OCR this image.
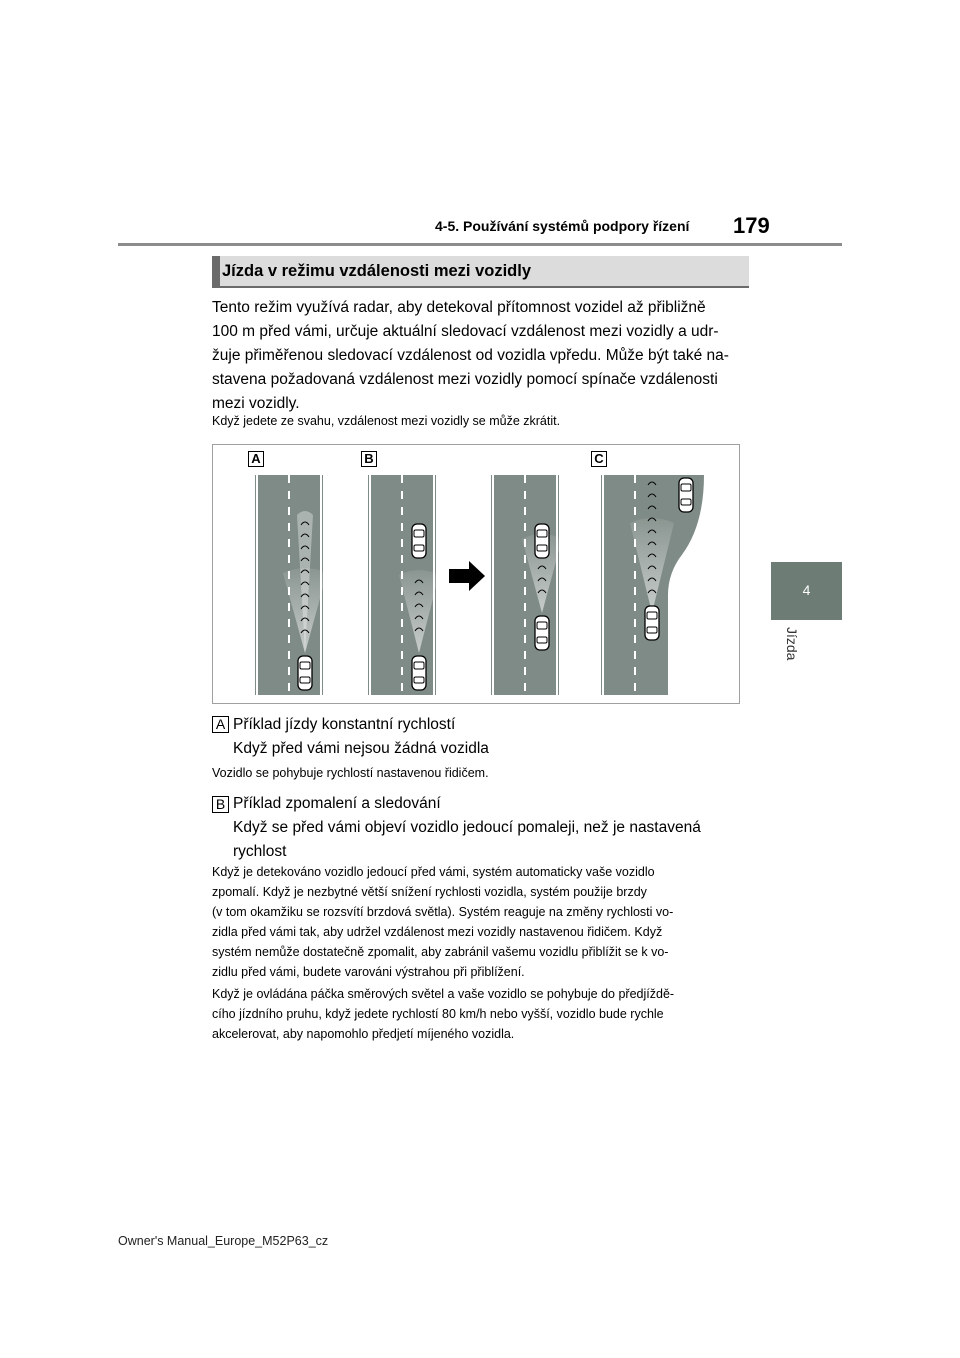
4-5. Používání systémů podpory řízení 179
4
Jízda
Jízda v režimu vzdálenosti mezi vozidly
Tento režim využívá radar, aby detekoval přítomnost vozidel až přibližně
100 m před vámi, určuje aktuální sledovací vzdálenost mezi vozidly a udr-
žuje přiměřenou sledovací vzdálenost od vozidla vpředu. Může být také na-
stavena požadovaná vzdálenost mezi vozidly pomocí spínače vzdálenosti
mezi vozidly.
Když jedete ze svahu, vzdálenost mezi vozidly se může zkrátit.
A	B	C
A Příklad jízdy konstantní rychlostí
Když před vámi nejsou žádná vozidla
Vozidlo se pohybuje rychlostí nastavenou řidičem.
B Příklad zpomalení a sledování
Když se před vámi objeví vozidlo jedoucí pomaleji, než je nastavená
rychlost
Když je detekováno vozidlo jedoucí před vámi, systém automaticky vaše vozidlo
zpomalí. Když je nezbytné větší snížení rychlosti vozidla, systém použije brzdy
(v tom okamžiku se rozsvítí brzdová světla). Systém reaguje na změny rychlosti vo-
zidla před vámi tak, aby udržel vzdálenost mezi vozidly nastavenou řidičem. Když
systém nemůže dostatečně zpomalit, aby zabránil vašemu vozidlu přiblížit se k vo-
zidlu před vámi, budete varováni výstrahou při přiblížení.
Když je ovládána páčka směrových světel a vaše vozidlo se pohybuje do předjíždě-
cího jízdního pruhu, když jedete rychlostí 80 km/h nebo vyšší, vozidlo bude rychle
akcelerovat, aby napomohlo předjetí míjeného vozidla.
Owner's Manual_Europe_M52P63_cz
